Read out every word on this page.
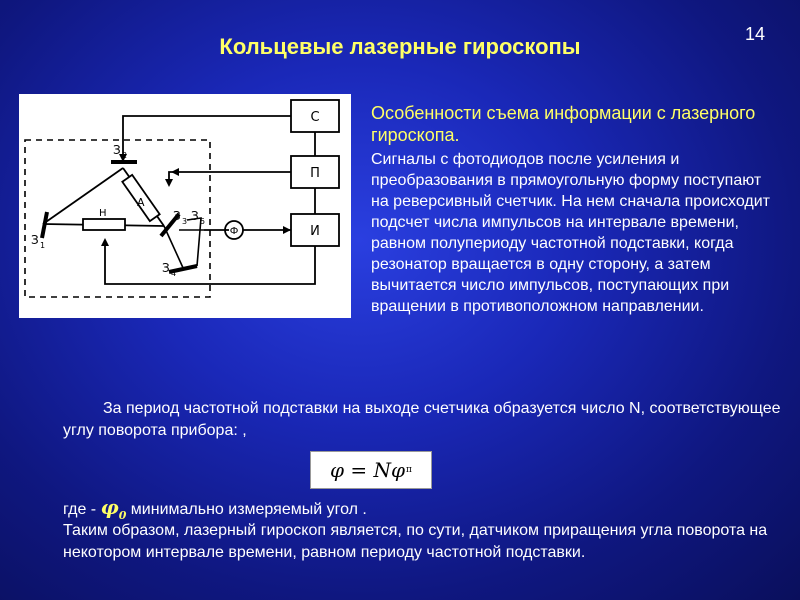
14
Кольцевые лазерные гироскопы
С
П
И
Ф
З 2
А
Н
З 1
З 3 З 5
З 4
Особенности съема информации с лазерного гироскопа.
Сигналы с фотодиодов после усиления и преобразования в прямоугольную форму поступают на реверсивный счетчик. На нем сначала происходит подсчет числа импульсов на интервале времени, равном полупериоду частотной подставки, когда резонатор вращается в одну сторону, а затем вычитается число импульсов, поступающих при вращении в противоположном направлении.
За период частотной подставки на выходе счетчика образуется число N, соответствующее углу поворота прибора: ,
φ = Nφ п
где - $\varphi_0$ минимально измеряемый угол .
Таким образом, лазерный гироскоп является, по сути, датчиком приращения угла поворота на некотором интервале времени, равном периоду частотной подставки.
